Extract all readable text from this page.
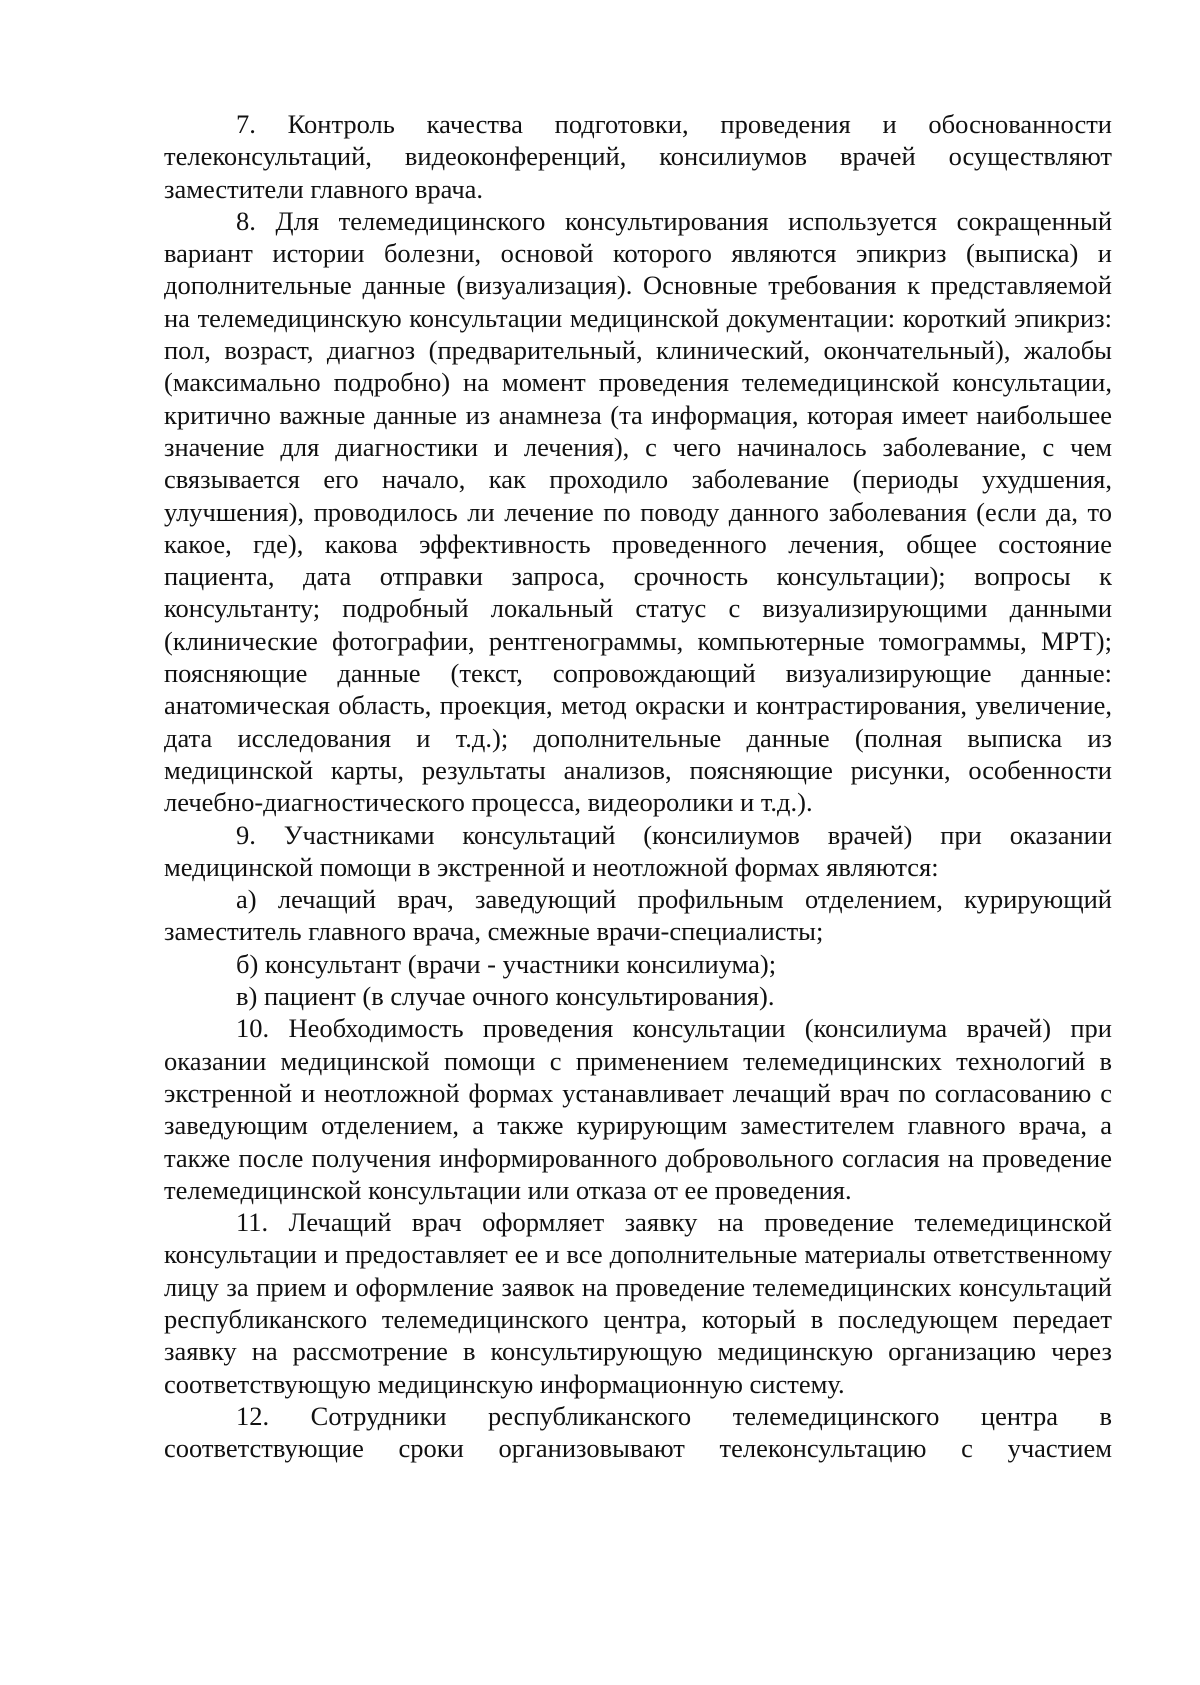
7. Контроль качества подготовки, проведения и обоснованности телеконсультаций, видеоконференций, консилиумов врачей осуществляют заместители главного врача.

8. Для телемедицинского консультирования используется сокращенный вариант истории болезни, основой которого являются эпикриз (выписка) и дополнительные данные (визуализация). Основные требования к представляемой на телемедицинскую консультации медицинской документации: короткий эпикриз: пол, возраст, диагноз (предварительный, клинический, окончательный), жалобы (максимально подробно) на момент проведения телемедицинской консультации, критично важные данные из анамнеза (та информация, которая имеет наибольшее значение для диагностики и лечения), с чего начиналось заболевание, с чем связывается его начало, как проходило заболевание (периоды ухудшения, улучшения), проводилось ли лечение по поводу данного заболевания (если да, то какое, где), какова эффективность проведенного лечения, общее состояние пациента, дата отправки запроса, срочность консультации); вопросы к консультанту; подробный локальный статус с визуализирующими данными (клинические фотографии, рентгенограммы, компьютерные томограммы, МРТ); поясняющие данные (текст, сопровождающий визуализирующие данные: анатомическая область, проекция, метод окраски и контрастирования, увеличение, дата исследования и т.д.); дополнительные данные (полная выписка из медицинской карты, результаты анализов, поясняющие рисунки, особенности лечебно-диагностического процесса, видеоролики и т.д.).

9. Участниками консультаций (консилиумов врачей) при оказании медицинской помощи в экстренной и неотложной формах являются:

а) лечащий врач, заведующий профильным отделением, курирующий заместитель главного врача, смежные врачи-специалисты;

б) консультант (врачи - участники консилиума);

в) пациент (в случае очного консультирования).

10. Необходимость проведения консультации (консилиума врачей) при оказании медицинской помощи с применением телемедицинских технологий в экстренной и неотложной формах устанавливает лечащий врач по согласованию с заведующим отделением, а также курирующим заместителем главного врача, а также после получения информированного добровольного согласия на проведение телемедицинской консультации или отказа от ее проведения.

11. Лечащий врач оформляет заявку на проведение телемедицинской консультации и предоставляет ее и все дополнительные материалы ответственному лицу за прием и оформление заявок на проведение телемедицинских консультаций республиканского телемедицинского центра, который в последующем передает заявку на рассмотрение в консультирующую медицинскую организацию через соответствующую медицинскую информационную систему.

12. Сотрудники республиканского телемедицинского центра в соответствующие сроки организовывают телеконсультацию с участием
